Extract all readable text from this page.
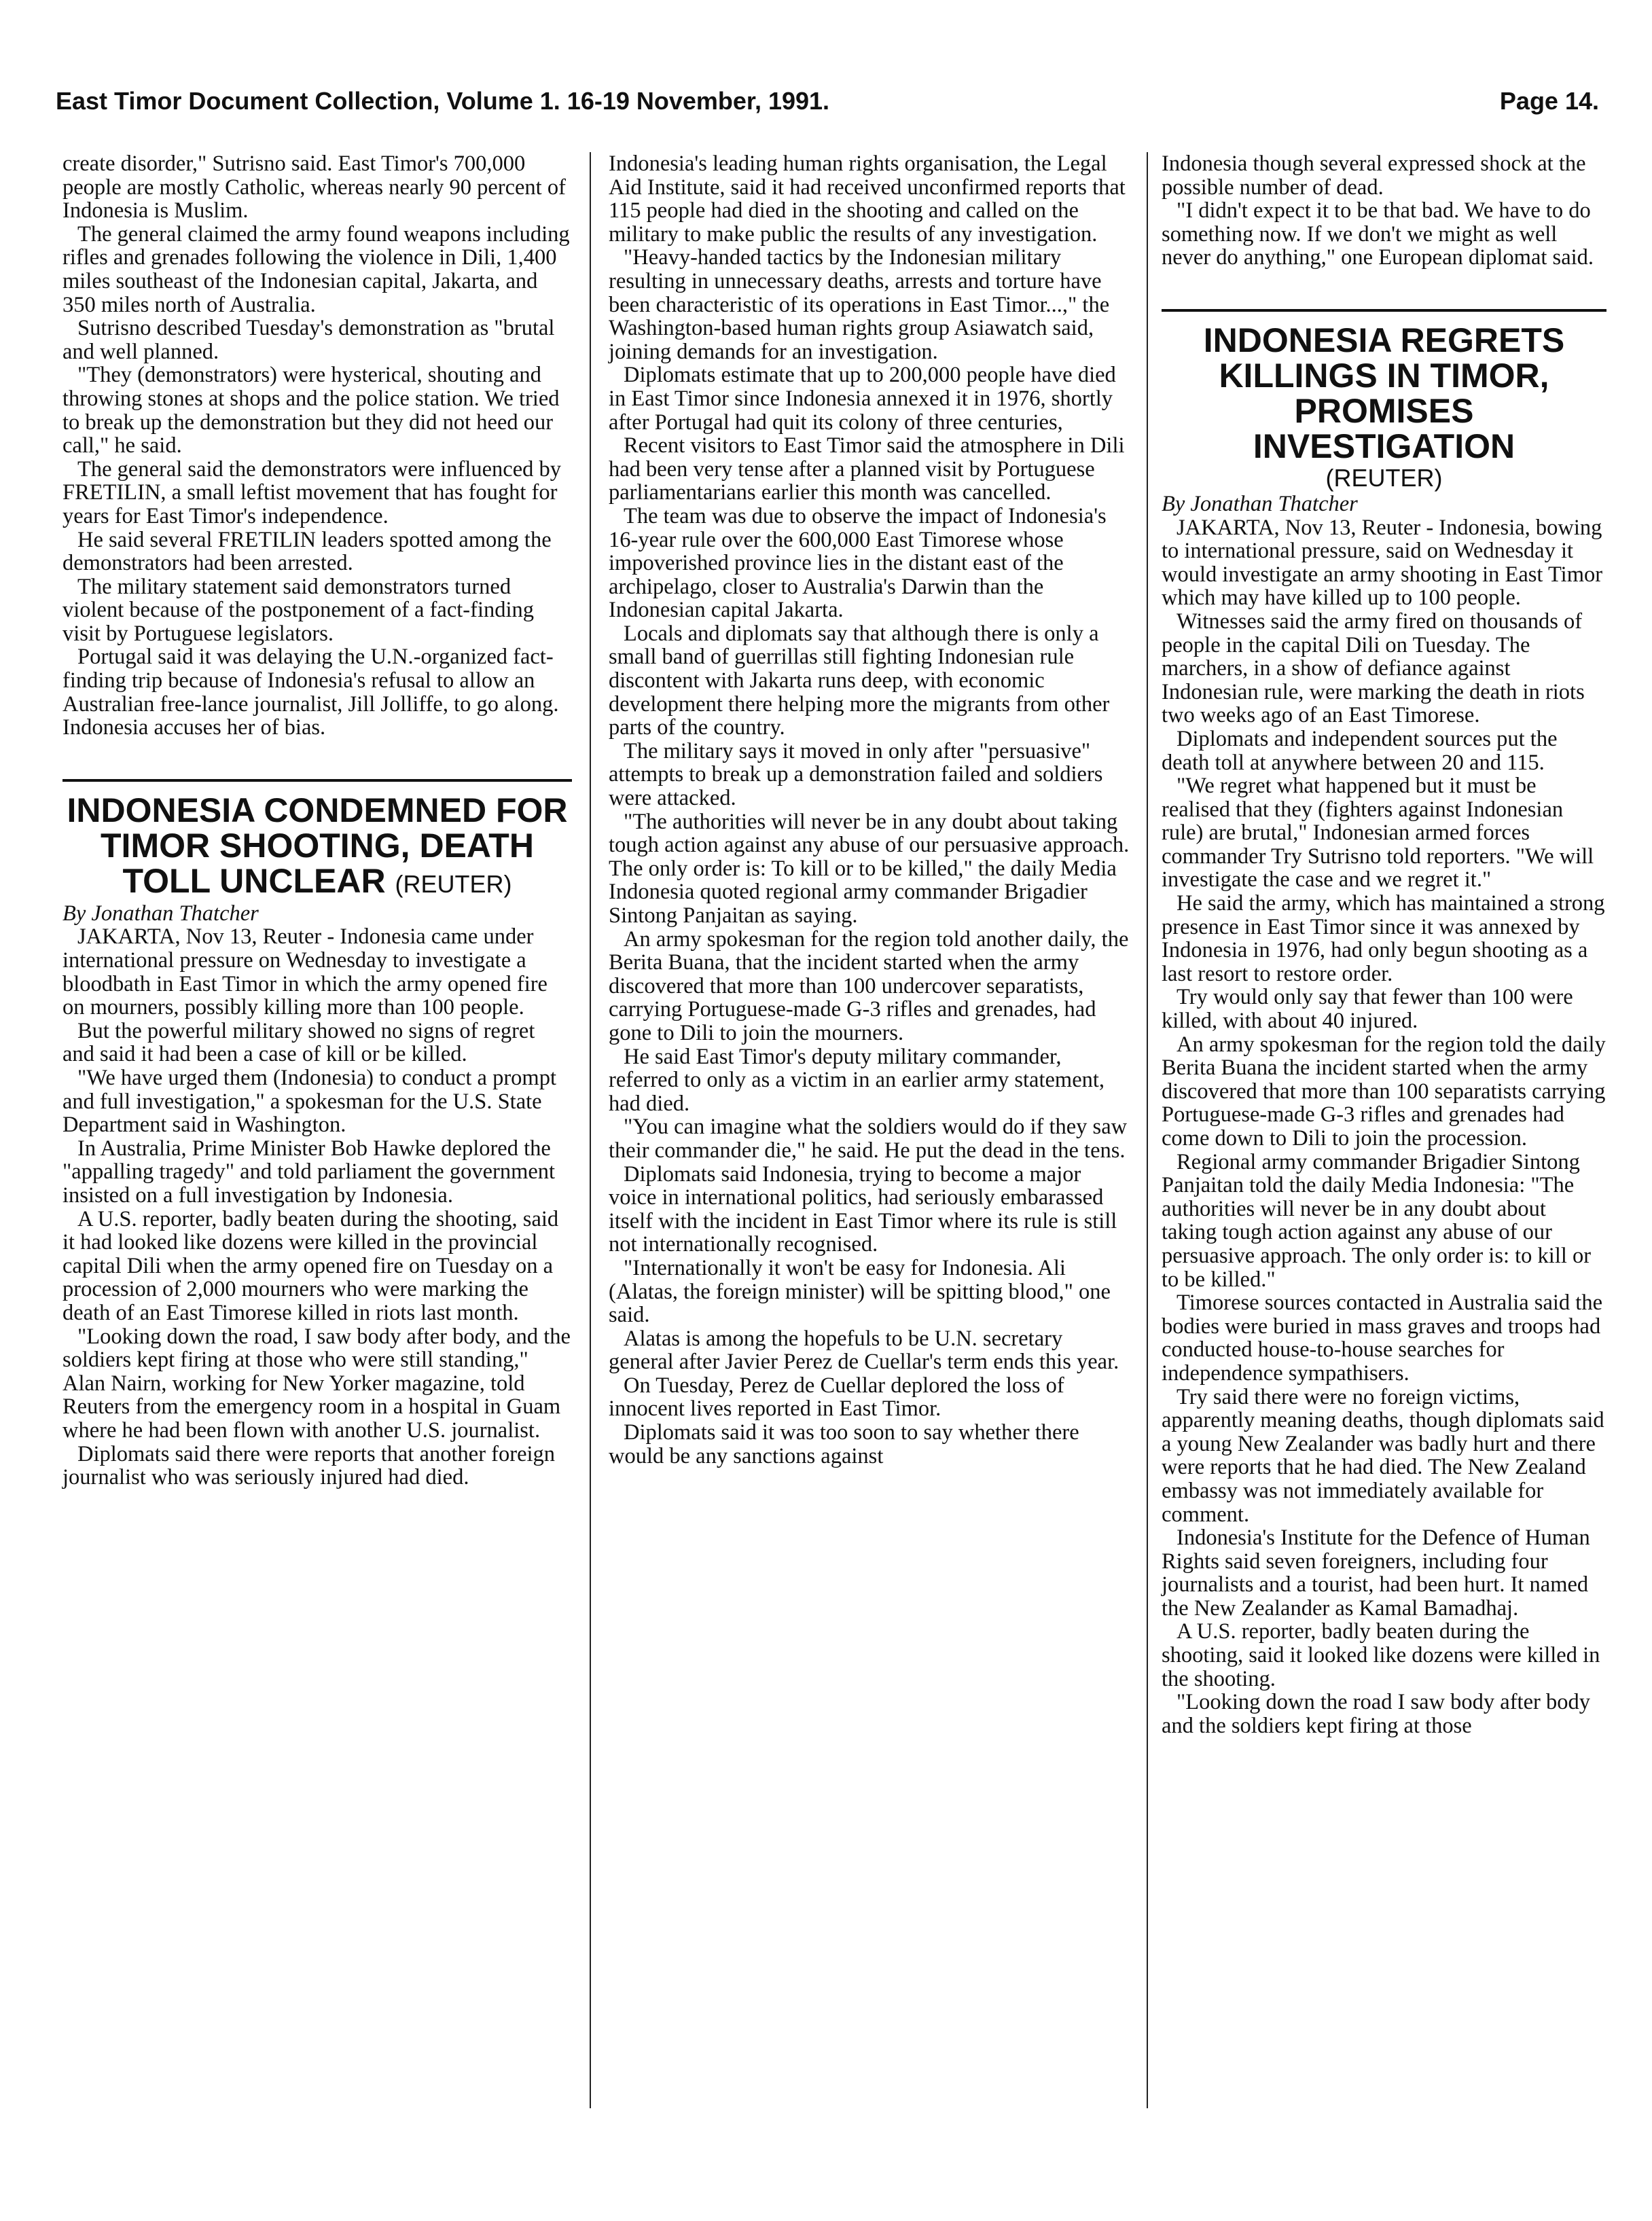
East Timor Document Collection, Volume 1. 16-19 November, 1991.	Page 14.

create disorder," Sutrisno said. East Timor's 700,000 people are mostly Catholic, whereas nearly 90 percent of Indonesia is Muslim.

The general claimed the army found weapons including rifles and grenades following the violence in Dili, 1,400 miles southeast of the Indonesian capital, Jakarta, and 350 miles north of Australia.

Sutrisno described Tuesday's demonstration as "brutal and well planned.

"They (demonstrators) were hysterical, shouting and throwing stones at shops and the police station. We tried to break up the demonstration but they did not heed our call," he said.

The general said the demonstrators were influenced by FRETILIN, a small leftist movement that has fought for years for East Timor's independence.

He said several FRETILIN leaders spotted among the demonstrators had been arrested.

The military statement said demonstrators turned violent because of the postponement of a fact-finding visit by Portuguese legislators.

Portugal said it was delaying the U.N.-organized fact-finding trip because of Indonesia's refusal to allow an Australian free-lance journalist, Jill Jolliffe, to go along. Indonesia accuses her of bias.

INDONESIA CONDEMNED FOR TIMOR SHOOTING, DEATH TOLL UNCLEAR (REUTER)

By Jonathan Thatcher

JAKARTA, Nov 13, Reuter - Indonesia came under international pressure on Wednesday to investigate a bloodbath in East Timor in which the army opened fire on mourners, possibly killing more than 100 people.

But the powerful military showed no signs of regret and said it had been a case of kill or be killed.

"We have urged them (Indonesia) to conduct a prompt and full investigation," a spokesman for the U.S. State Department said in Washington.

In Australia, Prime Minister Bob Hawke deplored the "appalling tragedy" and told parliament the government insisted on a full investigation by Indonesia.

A U.S. reporter, badly beaten during the shooting, said it had looked like dozens were killed in the provincial capital Dili when the army opened fire on Tuesday on a procession of 2,000 mourners who were marking the death of an East Timorese killed in riots last month.

"Looking down the road, I saw body after body, and the soldiers kept firing at those who were still standing," Alan Nairn, working for New Yorker magazine, told Reuters from the emergency room in a hospital in Guam where he had been flown with another U.S. journalist.

Diplomats said there were reports that another foreign journalist who was seriously injured had died.

Indonesia's leading human rights organisation, the Legal Aid Institute, said it had received unconfirmed reports that 115 people had died in the shooting and called on the military to make public the results of any investigation.

"Heavy-handed tactics by the Indonesian military resulting in unnecessary deaths, arrests and torture have been characteristic of its operations in East Timor...," the Washington-based human rights group Asiawatch said, joining demands for an investigation.

Diplomats estimate that up to 200,000 people have died in East Timor since Indonesia annexed it in 1976, shortly after Portugal had quit its colony of three centuries,

Recent visitors to East Timor said the atmosphere in Dili had been very tense after a planned visit by Portuguese parliamentarians earlier this month was cancelled.

The team was due to observe the impact of Indonesia's 16-year rule over the 600,000 East Timorese whose impoverished province lies in the distant east of the archipelago, closer to Australia's Darwin than the Indonesian capital Jakarta.

Locals and diplomats say that although there is only a small band of guerrillas still fighting Indonesian rule discontent with Jakarta runs deep, with economic development there helping more the migrants from other parts of the country.

The military says it moved in only after "persuasive" attempts to break up a demonstration failed and soldiers were attacked.

"The authorities will never be in any doubt about taking tough action against any abuse of our persuasive approach. The only order is: To kill or to be killed," the daily Media Indonesia quoted regional army commander Brigadier Sintong Panjaitan as saying.

An army spokesman for the region told another daily, the Berita Buana, that the incident started when the army discovered that more than 100 undercover separatists, carrying Portuguese-made G-3 rifles and grenades, had gone to Dili to join the mourners.

He said East Timor's deputy military commander, referred to only as a victim in an earlier army statement, had died.

"You can imagine what the soldiers would do if they saw their commander die," he said. He put the dead in the tens.

Diplomats said Indonesia, trying to become a major voice in international politics, had seriously embarassed itself with the incident in East Timor where its rule is still not internationally recognised.

"Internationally it won't be easy for Indonesia. Ali (Alatas, the foreign minister) will be spitting blood," one said.

Alatas is among the hopefuls to be U.N. secretary general after Javier Perez de Cuellar's term ends this year.

On Tuesday, Perez de Cuellar deplored the loss of innocent lives reported in East Timor.

Diplomats said it was too soon to say whether there would be any sanctions against

Indonesia though several expressed shock at the possible number of dead.

"I didn't expect it to be that bad. We have to do something now. If we don't we might as well never do anything," one European diplomat said.

INDONESIA REGRETS KILLINGS IN TIMOR, PROMISES INVESTIGATION

(REUTER)

By Jonathan Thatcher

JAKARTA, Nov 13, Reuter - Indonesia, bowing to international pressure, said on Wednesday it would investigate an army shooting in East Timor which may have killed up to 100 people.

Witnesses said the army fired on thousands of people in the capital Dili on Tuesday. The marchers, in a show of defiance against Indonesian rule, were marking the death in riots two weeks ago of an East Timorese.

Diplomats and independent sources put the death toll at anywhere between 20 and 115.

"We regret what happened but it must be realised that they (fighters against Indonesian rule) are brutal," Indonesian armed forces commander Try Sutrisno told reporters. "We will investigate the case and we regret it."

He said the army, which has maintained a strong presence in East Timor since it was annexed by Indonesia in 1976, had only begun shooting as a last resort to restore order.

Try would only say that fewer than 100 were killed, with about 40 injured.

An army spokesman for the region told the daily Berita Buana the incident started when the army discovered that more than 100 separatists carrying Portuguese-made G-3 rifles and grenades had come down to Dili to join the procession.

Regional army commander Brigadier Sintong Panjaitan told the daily Media Indonesia: "The authorities will never be in any doubt about taking tough action against any abuse of our persuasive approach. The only order is: to kill or to be killed."

Timorese sources contacted in Australia said the bodies were buried in mass graves and troops had conducted house-to-house searches for independence sympathisers.

Try said there were no foreign victims, apparently meaning deaths, though diplomats said a young New Zealander was badly hurt and there were reports that he had died. The New Zealand embassy was not immediately available for comment.

Indonesia's Institute for the Defence of Human Rights said seven foreigners, including four journalists and a tourist, had been hurt. It named the New Zealander as Kamal Bamadhaj.

A U.S. reporter, badly beaten during the shooting, said it looked like dozens were killed in the shooting.

"Looking down the road I saw body after body and the soldiers kept firing at those
